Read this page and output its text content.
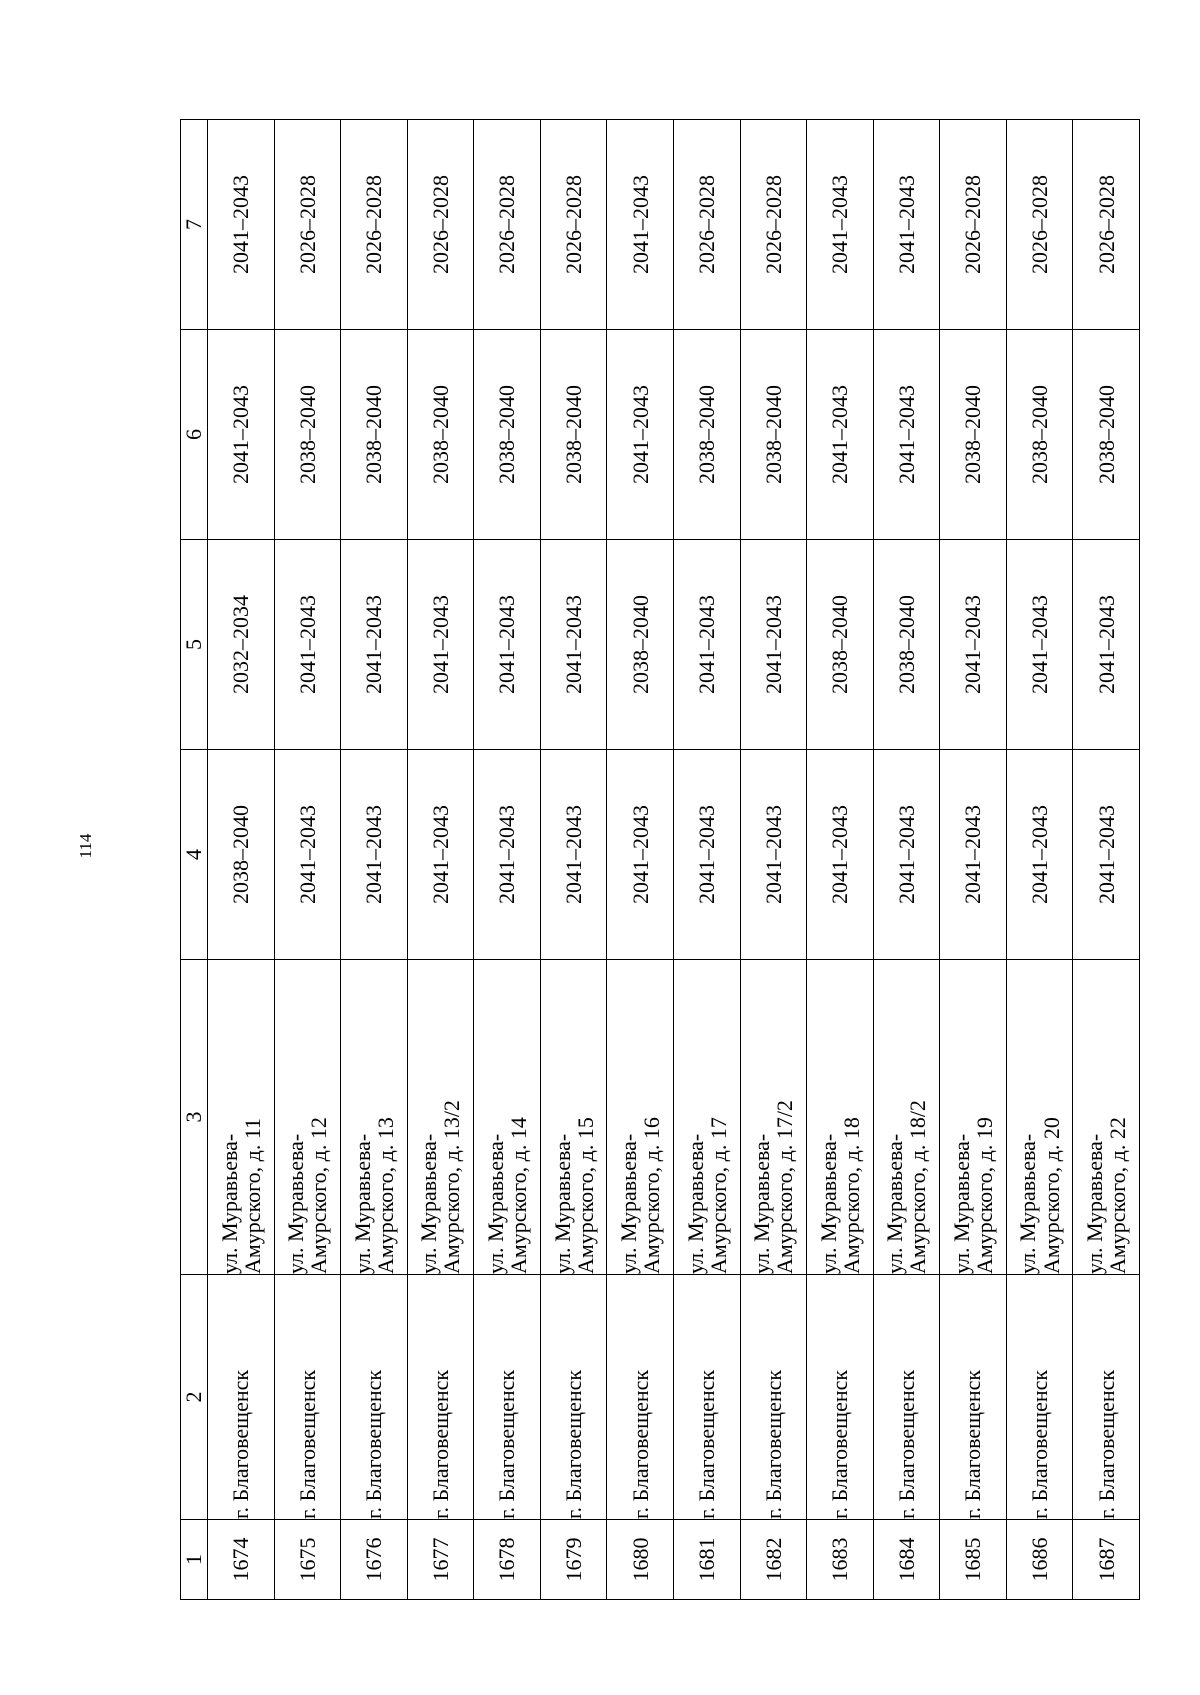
114
1	2	3	4	5	6	7
1674	г. Благовещенск	ул. Муравьева-
Амурского, д. 11	2038–2040	2032–2034	2041–2043	2041–2043
1675	г. Благовещенск	ул. Муравьева-
Амурского, д. 12	2041–2043	2041–2043	2038–2040	2026–2028
1676	г. Благовещенск	ул. Муравьева-
Амурского, д. 13	2041–2043	2041–2043	2038–2040	2026–2028
1677	г. Благовещенск	ул. Муравьева-
Амурского, д. 13/2	2041–2043	2041–2043	2038–2040	2026–2028
1678	г. Благовещенск	ул. Муравьева-
Амурского, д. 14	2041–2043	2041–2043	2038–2040	2026–2028
1679	г. Благовещенск	ул. Муравьева-
Амурского, д. 15	2041–2043	2041–2043	2038–2040	2026–2028
1680	г. Благовещенск	ул. Муравьева-
Амурского, д. 16	2041–2043	2038–2040	2041–2043	2041–2043
1681	г. Благовещенск	ул. Муравьева-
Амурского, д. 17	2041–2043	2041–2043	2038–2040	2026–2028
1682	г. Благовещенск	ул. Муравьева-
Амурского, д. 17/2	2041–2043	2041–2043	2038–2040	2026–2028
1683	г. Благовещенск	ул. Муравьева-
Амурского, д. 18	2041–2043	2038–2040	2041–2043	2041–2043
1684	г. Благовещенск	ул. Муравьева-
Амурского, д. 18/2	2041–2043	2038–2040	2041–2043	2041–2043
1685	г. Благовещенск	ул. Муравьева-
Амурского, д. 19	2041–2043	2041–2043	2038–2040	2026–2028
1686	г. Благовещенск	ул. Муравьева-
Амурского, д. 20	2041–2043	2041–2043	2038–2040	2026–2028
1687	г. Благовещенск	ул. Муравьева-
Амурского, д. 22	2041–2043	2041–2043	2038–2040	2026–2028
